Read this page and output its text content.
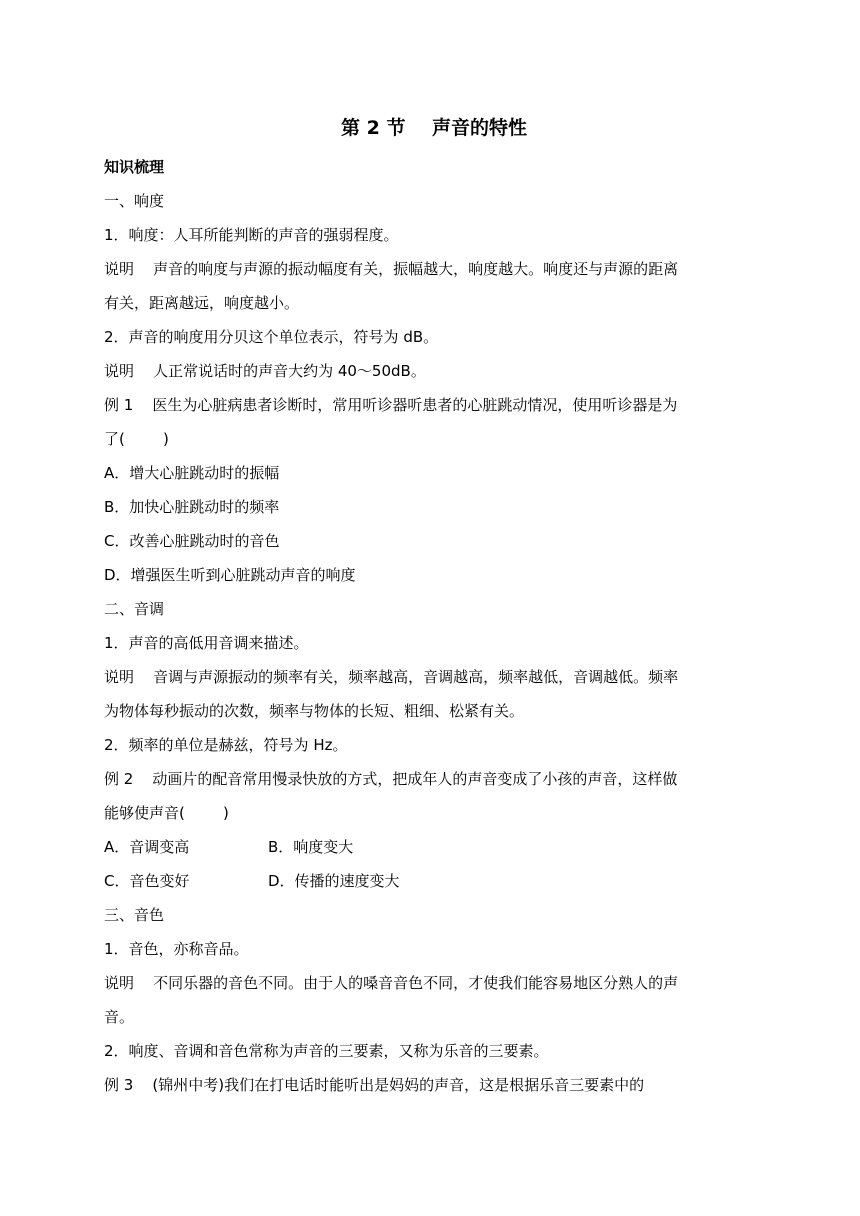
第 2 节    声音的特性
知识梳理
一、响度
1．响度：人耳所能判断的声音的强弱程度。
说明    声音的响度与声源的振动幅度有关，振幅越大，响度越大。响度还与声源的距离
有关，距离越远，响度越小。
2．声音的响度用分贝这个单位表示，符号为 dB。
说明    人正常说话时的声音大约为 40～50dB。
例 1    医生为心脏病患者诊断时，常用听诊器听患者的心脏跳动情况，使用听诊器是为
了(        )
A．增大心脏跳动时的振幅
B．加快心脏跳动时的频率
C．改善心脏跳动时的音色
D．增强医生听到心脏跳动声音的响度
二、音调
1．声音的高低用音调来描述。
说明    音调与声源振动的频率有关，频率越高，音调越高，频率越低，音调越低。频率
为物体每秒振动的次数，频率与物体的长短、粗细、松紧有关。
2．频率的单位是赫兹，符号为 Hz。
例 2    动画片的配音常用慢录快放的方式，把成年人的声音变成了小孩的声音，这样做
能够使声音(        )
A．音调变高	B．响度变大
C．音色变好	D．传播的速度变大
三、音色
1．音色，亦称音品。
说明    不同乐器的音色不同。由于人的嗓音音色不同，才使我们能容易地区分熟人的声
音。
2．响度、音调和音色常称为声音的三要素，又称为乐音的三要素。
例 3    (锦州中考)我们在打电话时能听出是妈妈的声音，这是根据乐音三要素中的
